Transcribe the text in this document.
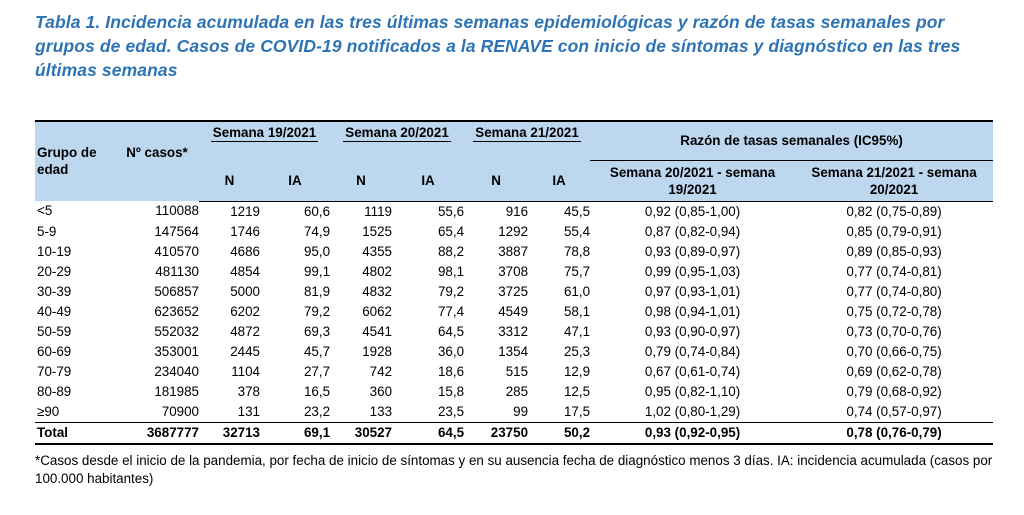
Tabla 1. Incidencia acumulada en las tres últimas semanas epidemiológicas y razón de tasas semanales por grupos de edad. Casos de COVID-19 notificados a la RENAVE con inicio de síntomas y diagnóstico en las tres últimas semanas
Grupo de edad	Nº casos*	Semana 19/2021		Semana 20/2021		Semana 21/2021		Razón de tasas semanales (IC95%)	
		N	IA	N	IA	N	IA	Semana 20/2021 - semana 19/2021	Semana 21/2021 - semana 20/2021
<5	110088	1219	60,6	1119	55,6	916	45,5	0,92 (0,85-1,00)	0,82 (0,75-0,89)
5-9	147564	1746	74,9	1525	65,4	1292	55,4	0,87 (0,82-0,94)	0,85 (0,79-0,91)
10-19	410570	4686	95,0	4355	88,2	3887	78,8	0,93 (0,89-0,97)	0,89 (0,85-0,93)
20-29	481130	4854	99,1	4802	98,1	3708	75,7	0,99 (0,95-1,03)	0,77 (0,74-0,81)
30-39	506857	5000	81,9	4832	79,2	3725	61,0	0,97 (0,93-1,01)	0,77 (0,74-0,80)
40-49	623652	6202	79,2	6062	77,4	4549	58,1	0,98 (0,94-1,01)	0,75 (0,72-0,78)
50-59	552032	4872	69,3	4541	64,5	3312	47,1	0,93 (0,90-0,97)	0,73 (0,70-0,76)
60-69	353001	2445	45,7	1928	36,0	1354	25,3	0,79 (0,74-0,84)	0,70 (0,66-0,75)
70-79	234040	1104	27,7	742	18,6	515	12,9	0,67 (0,61-0,74)	0,69 (0,62-0,78)
80-89	181985	378	16,5	360	15,8	285	12,5	0,95 (0,82-1,10)	0,79 (0,68-0,92)
≥90	70900	131	23,2	133	23,5	99	17,5	1,02 (0,80-1,29)	0,74 (0,57-0,97)
Total	3687777	32713	69,1	30527	64,5	23750	50,2	0,93 (0,92-0,95)	0,78 (0,76-0,79)
*Casos desde el inicio de la pandemia, por fecha de inicio de síntomas y en su ausencia fecha de diagnóstico menos 3 días. IA: incidencia acumulada (casos por 100.000 habitantes)
